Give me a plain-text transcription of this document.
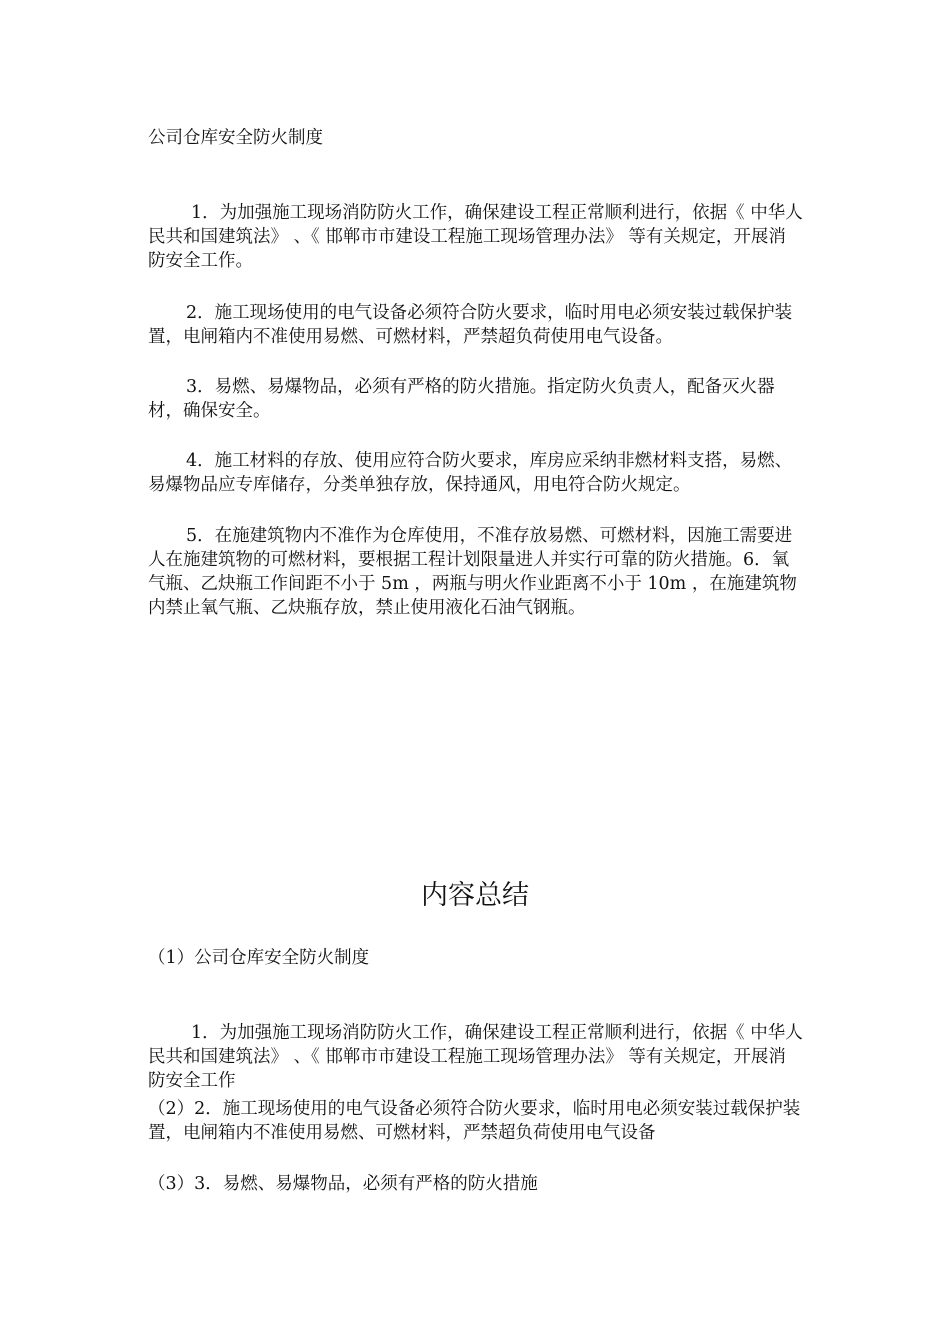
公司仓库安全防火制度

1．为加强施工现场消防防火工作，确保建设工程正常顺利进行，依据《 中华人民共和国建筑法》 、《 邯郸市市建设工程施工现场管理办法》 等有关规定，开展消防安全工作。

2．施工现场使用的电气设备必须符合防火要求，临时用电必须安装过载保护装置，电闸箱内不准使用易燃、可燃材料，严禁超负荷使用电气设备。

3．易燃、易爆物品，必须有严格的防火措施。指定防火负责人，配备灭火器材，确保安全。

4．施工材料的存放、使用应符合防火要求，库房应采纳非燃材料支搭，易燃、易爆物品应专库储存，分类单独存放，保持通风，用电符合防火规定。

5．在施建筑物内不准作为仓库使用，不准存放易燃、可燃材料，因施工需要进人在施建筑物的可燃材料，要根据工程计划限量进人并实行可靠的防火措施。6．氧气瓶、乙炔瓶工作间距不小于 5m ，两瓶与明火作业距离不小于 10m ，在施建筑物内禁止氧气瓶、乙炔瓶存放，禁止使用液化石油气钢瓶。

内容总结

（1）公司仓库安全防火制度

1．为加强施工现场消防防火工作，确保建设工程正常顺利进行，依据《 中华人民共和国建筑法》 、《 邯郸市市建设工程施工现场管理办法》 等有关规定，开展消防安全工作

（2）2．施工现场使用的电气设备必须符合防火要求，临时用电必须安装过载保护装置，电闸箱内不准使用易燃、可燃材料，严禁超负荷使用电气设备

（3）3．易燃、易爆物品，必须有严格的防火措施
